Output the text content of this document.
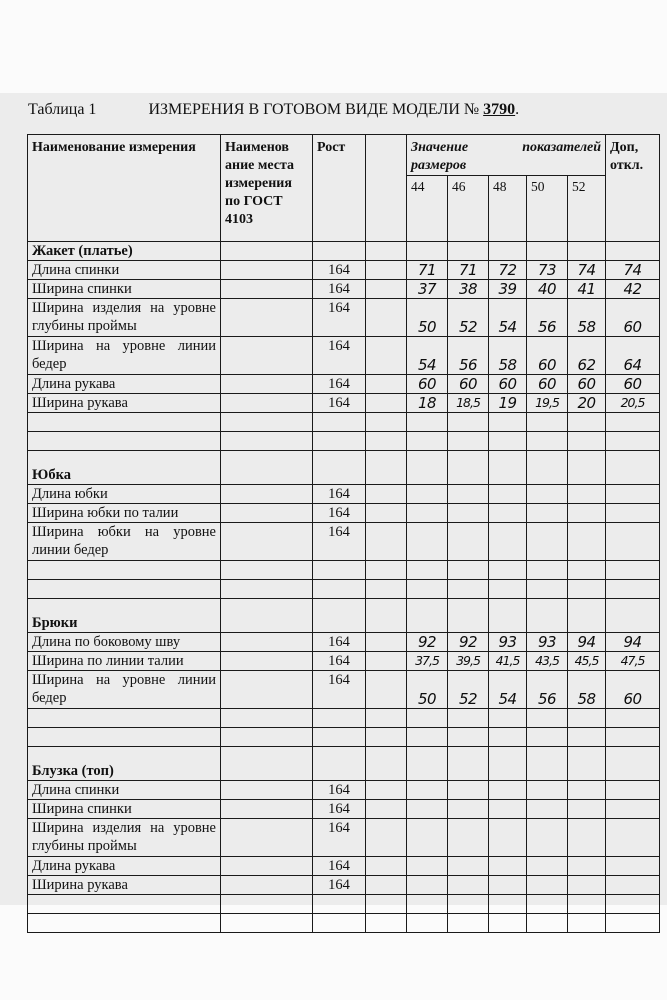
Таблица 1	ИЗМЕРЕНИЯ В ГОТОВОМ ВИДЕ МОДЕЛИ № 3790.
Наименование измерения	Наименов ание места измерения по ГОСТ 4103	Рост		Значение показателей размеров					Доп, откл.	
				44	46	48	50	52	
Жакет (платье)										
Длина спинки		164		71	71	72	73	74	74	
Ширина спинки		164		37	38	39	40	41	42	
Ширина изделия на уровне глубины проймы		164		50	52	54	56	58	60	
Ширина на уровне линии бедер		164		54	56	58	60	62	64	
Длина рукава		164		60	60	60	60	60	60	
Ширина рукава		164		18	18,5	19	19,5	20	20,5	

Юбка										
Длина юбки		164								
Ширина юбки по талии		164								
Ширина юбки на уровне линии бедер		164								

Брюки										
Длина по боковому шву		164		92	92	93	93	94	94	
Ширина по линии талии		164		37,5	39,5	41,5	43,5	45,5	47,5	
Ширина на уровне линии бедер		164		50	52	54	56	58	60	

Блузка (топ)										
Длина спинки		164								
Ширина спинки		164								
Ширина изделия на уровне глубины проймы		164								
Длина рукава		164								
Ширина рукава		164								
